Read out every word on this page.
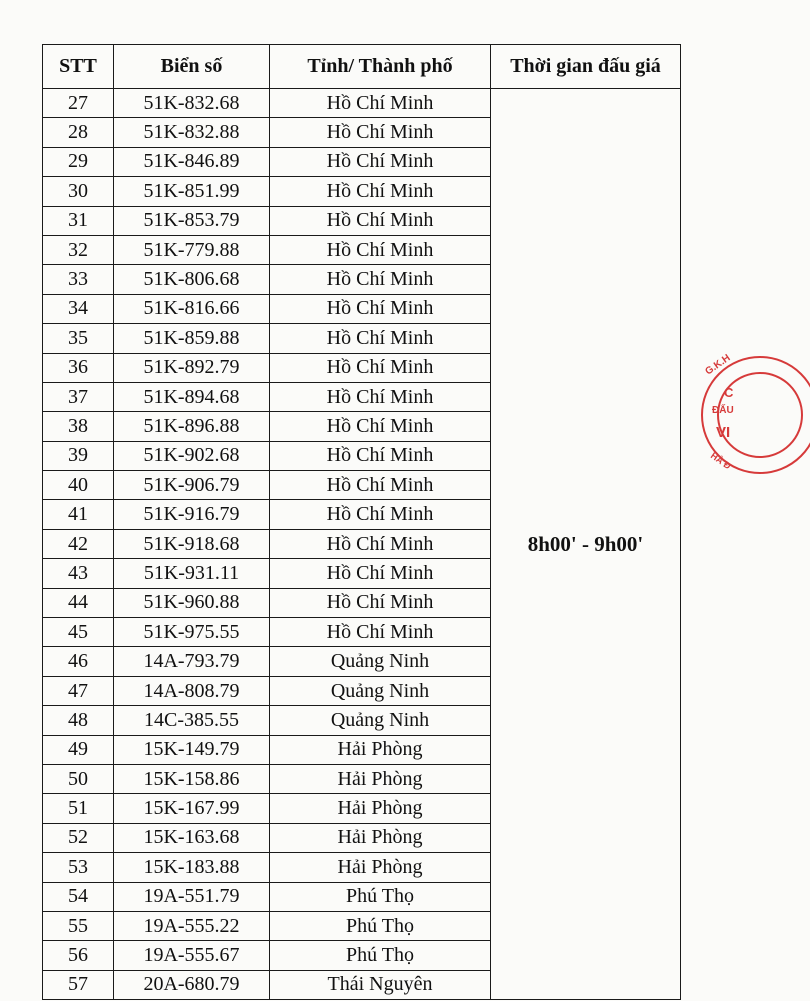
STT	Biển số	Tỉnh/ Thành phố	Thời gian đấu giá
27	51K-832.68	Hồ Chí Minh	8h00' - 9h00'
28	51K-832.88	Hồ Chí Minh	
29	51K-846.89	Hồ Chí Minh	
30	51K-851.99	Hồ Chí Minh	
31	51K-853.79	Hồ Chí Minh	
32	51K-779.88	Hồ Chí Minh	
33	51K-806.68	Hồ Chí Minh	
34	51K-816.66	Hồ Chí Minh	
35	51K-859.88	Hồ Chí Minh	
36	51K-892.79	Hồ Chí Minh	
37	51K-894.68	Hồ Chí Minh	
38	51K-896.88	Hồ Chí Minh	
39	51K-902.68	Hồ Chí Minh	
40	51K-906.79	Hồ Chí Minh	
41	51K-916.79	Hồ Chí Minh	
42	51K-918.68	Hồ Chí Minh	
43	51K-931.11	Hồ Chí Minh	
44	51K-960.88	Hồ Chí Minh	
45	51K-975.55	Hồ Chí Minh	
46	14A-793.79	Quảng Ninh	
47	14A-808.79	Quảng Ninh	
48	14C-385.55	Quảng Ninh	
49	15K-149.79	Hải Phòng	
50	15K-158.86	Hải Phòng	
51	15K-167.99	Hải Phòng	
52	15K-163.68	Hải Phòng	
53	15K-183.88	Hải Phòng	
54	19A-551.79	Phú Thọ	
55	19A-555.22	Phú Thọ	
56	19A-555.67	Phú Thọ	
57	20A-680.79	Thái Nguyên	
G.K.H
C
ĐẤU
VI
HÀ Đ
